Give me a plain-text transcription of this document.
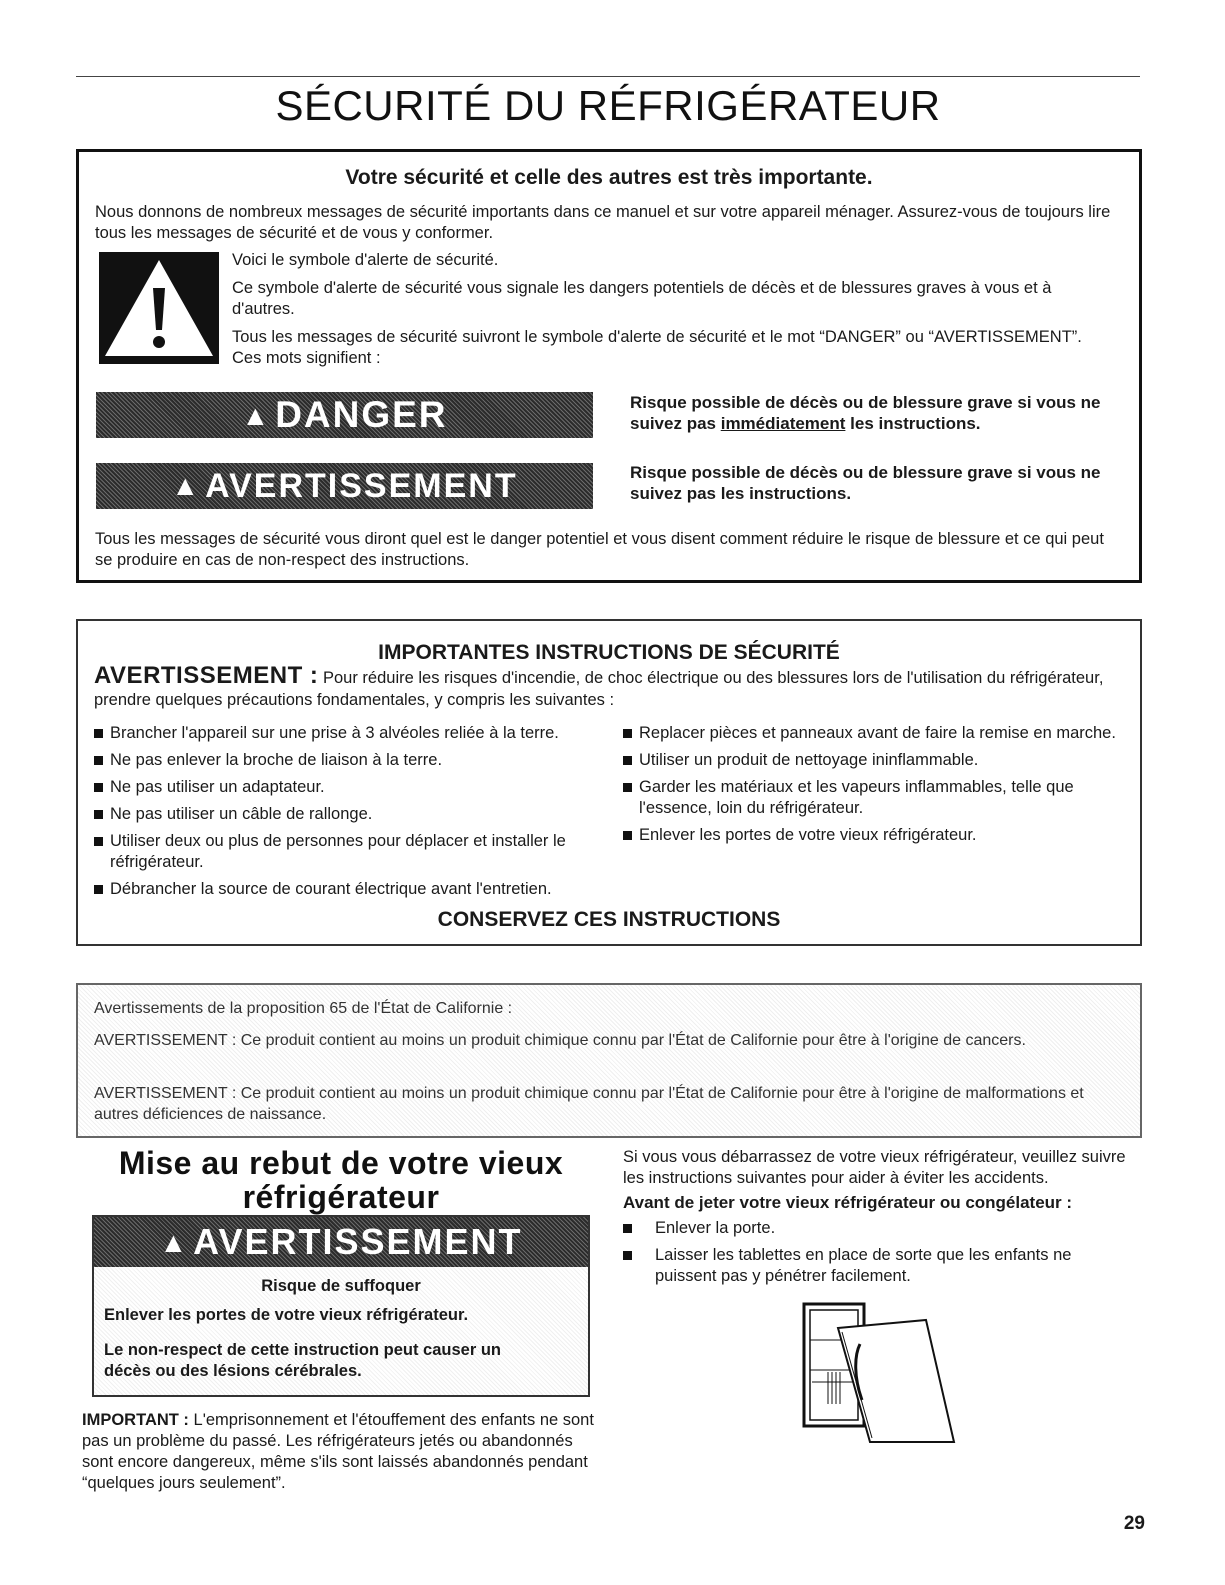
SÉCURITÉ DU RÉFRIGÉRATEUR
Votre sécurité et celle des autres est très importante.

Nous donnons de nombreux messages de sécurité importants dans ce manuel et sur votre appareil ménager. Assurez-vous de toujours lire tous les messages de sécurité et de vous y conformer.

Voici le symbole d'alerte de sécurité.

Ce symbole d'alerte de sécurité vous signale les dangers potentiels de décès et de blessures graves à vous et à d'autres.

Tous les messages de sécurité suivront le symbole d'alerte de sécurité et le mot “DANGER” ou “AVERTISSEMENT”. Ces mots signifient :

▲ DANGER	Risque possible de décès ou de blessure grave si vous ne suivez pas immédiatement les instructions.
▲ AVERTISSEMENT	Risque possible de décès ou de blessure grave si vous ne suivez pas les instructions.

Tous les messages de sécurité vous diront quel est le danger potentiel et vous disent comment réduire le risque de blessure et ce qui peut se produire en cas de non-respect des instructions.

IMPORTANTES INSTRUCTIONS DE SÉCURITÉ
AVERTISSEMENT : Pour réduire les risques d'incendie, de choc électrique ou des blessures lors de l'utilisation du réfrigérateur, prendre quelques précautions fondamentales, y compris les suivantes :
Brancher l'appareil sur une prise à 3 alvéoles reliée à la terre.
Ne pas enlever la broche de liaison à la terre.
Ne pas utiliser un adaptateur.
Ne pas utiliser un câble de rallonge.
Utiliser deux ou plus de personnes pour déplacer et installer le réfrigérateur.
Débrancher la source de courant électrique avant l'entretien.
Replacer pièces et panneaux avant de faire la remise en marche.
Utiliser un produit de nettoyage ininflammable.
Garder les matériaux et les vapeurs inflammables, telle que l'essence, loin du réfrigérateur.
Enlever les portes de votre vieux réfrigérateur.
CONSERVEZ CES INSTRUCTIONS

Avertissements de la proposition 65 de l'État de Californie :

AVERTISSEMENT : Ce produit contient au moins un produit chimique connu par l'État de Californie pour être à l'origine de cancers.

AVERTISSEMENT : Ce produit contient au moins un produit chimique connu par l'État de Californie pour être à l'origine de malformations et autres déficiences de naissance.

Mise au rebut de votre vieux
réfrigérateur
▲ AVERTISSEMENT
Risque de suffoquer
Enlever les portes de votre vieux réfrigérateur.
Le non-respect de cette instruction peut causer un décès ou des lésions cérébrales.
IMPORTANT : L'emprisonnement et l'étouffement des enfants ne sont pas un problème du passé. Les réfrigérateurs jetés ou abandonnés sont encore dangereux, même s'ils sont laissés abandonnés pendant “quelques jours seulement”.
Si vous vous débarrassez de votre vieux réfrigérateur, veuillez suivre les instructions suivantes pour aider à éviter les accidents.
Avant de jeter votre vieux réfrigérateur ou congélateur :
Enlever la porte.
Laisser les tablettes en place de sorte que les enfants ne puissent pas y pénétrer facilement.
29
